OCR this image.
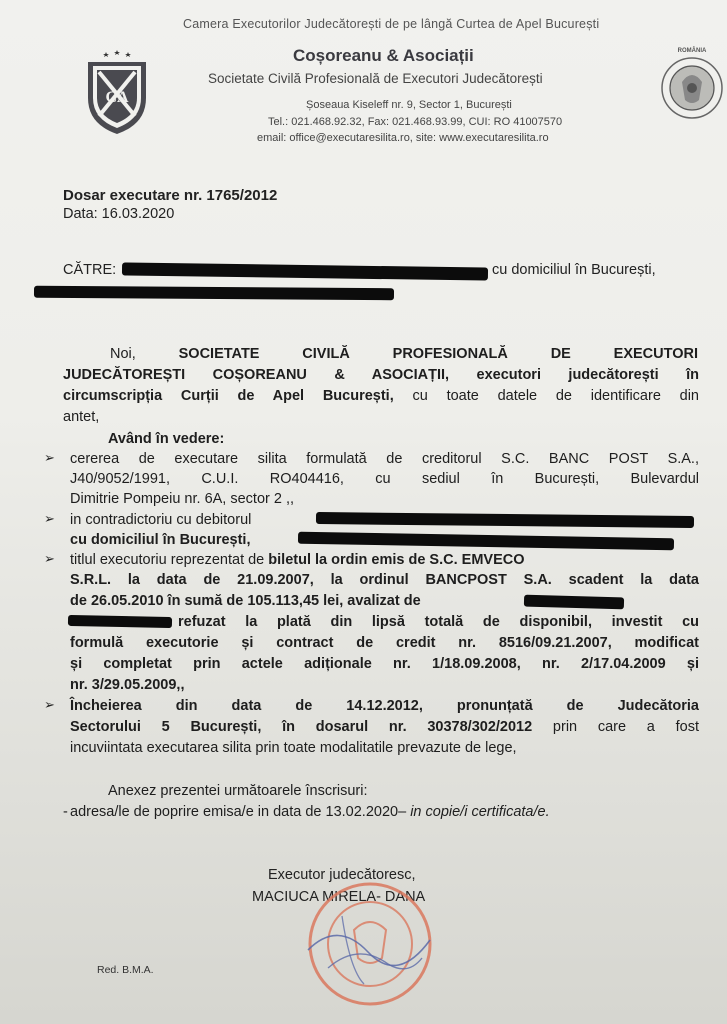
Camera Executorilor Judecătorești de pe lângă Curtea de Apel București
CA
Coșoreanu & Asociații
Societate Civilă Profesională de Executori Judecătorești
Șoseaua Kiseleff nr. 9, Sector 1, București
Tel.: 021.468.92.32, Fax: 021.468.93.99, CUI: RO 41007570
email: office@executaresilita.ro, site: www.executaresilita.ro
ROMÂNIA
Dosar executare nr. 1765/2012
Data: 16.03.2020
CĂTRE:	cu domiciliul în București,
Noi,	SOCIETATE CIVILĂ PROFESIONALĂ DE EXECUTORI
JUDECĂTOREȘTI COȘOREANU & ASOCIAȚII, executori judecătorești în
circumscripția Curții de Apel București, cu toate datele de identificare din
antet,
Având în vedere:
➢ cererea de executare silita formulată de creditorul S.C. BANC POST S.A.,
J40/9052/1991, C.U.I. RO404416, cu sediul în București, Bulevardul
Dimitrie Pompeiu nr. 6A, sector 2 ,,
➢ in contradictoriu cu debitorul
cu domiciliul în București,
➢ titlul executoriu reprezentat de biletul la ordin emis de S.C. EMVECO
S.R.L. la data de 21.09.2007, la ordinul BANCPOST S.A. scadent la data
de 26.05.2010 în sumă de 105.113,45 lei, avalizat de
refuzat la plată din lipsă totală de disponibil, investit cu
formulă executorie și contract de credit nr. 8516/09.21.2007, modificat
și completat prin actele adiționale nr. 1/18.09.2008, nr. 2/17.04.2009 și
nr. 3/29.05.2009,,
➢ Încheierea din data de 14.12.2012, pronunțată de Judecătoria
Sectorului 5 București, în dosarul nr. 30378/302/2012 prin care a fost
incuviintata executarea silita prin toate modalitatile prevazute de lege,
Anexez prezentei următoarele înscrisuri:
- adresa/le de poprire emisa/e in data de 13.02.2020– in copie/i certificata/e.
Executor judecătoresc,
MACIUCA MIRELA- DANA
Red. B.M.A.
